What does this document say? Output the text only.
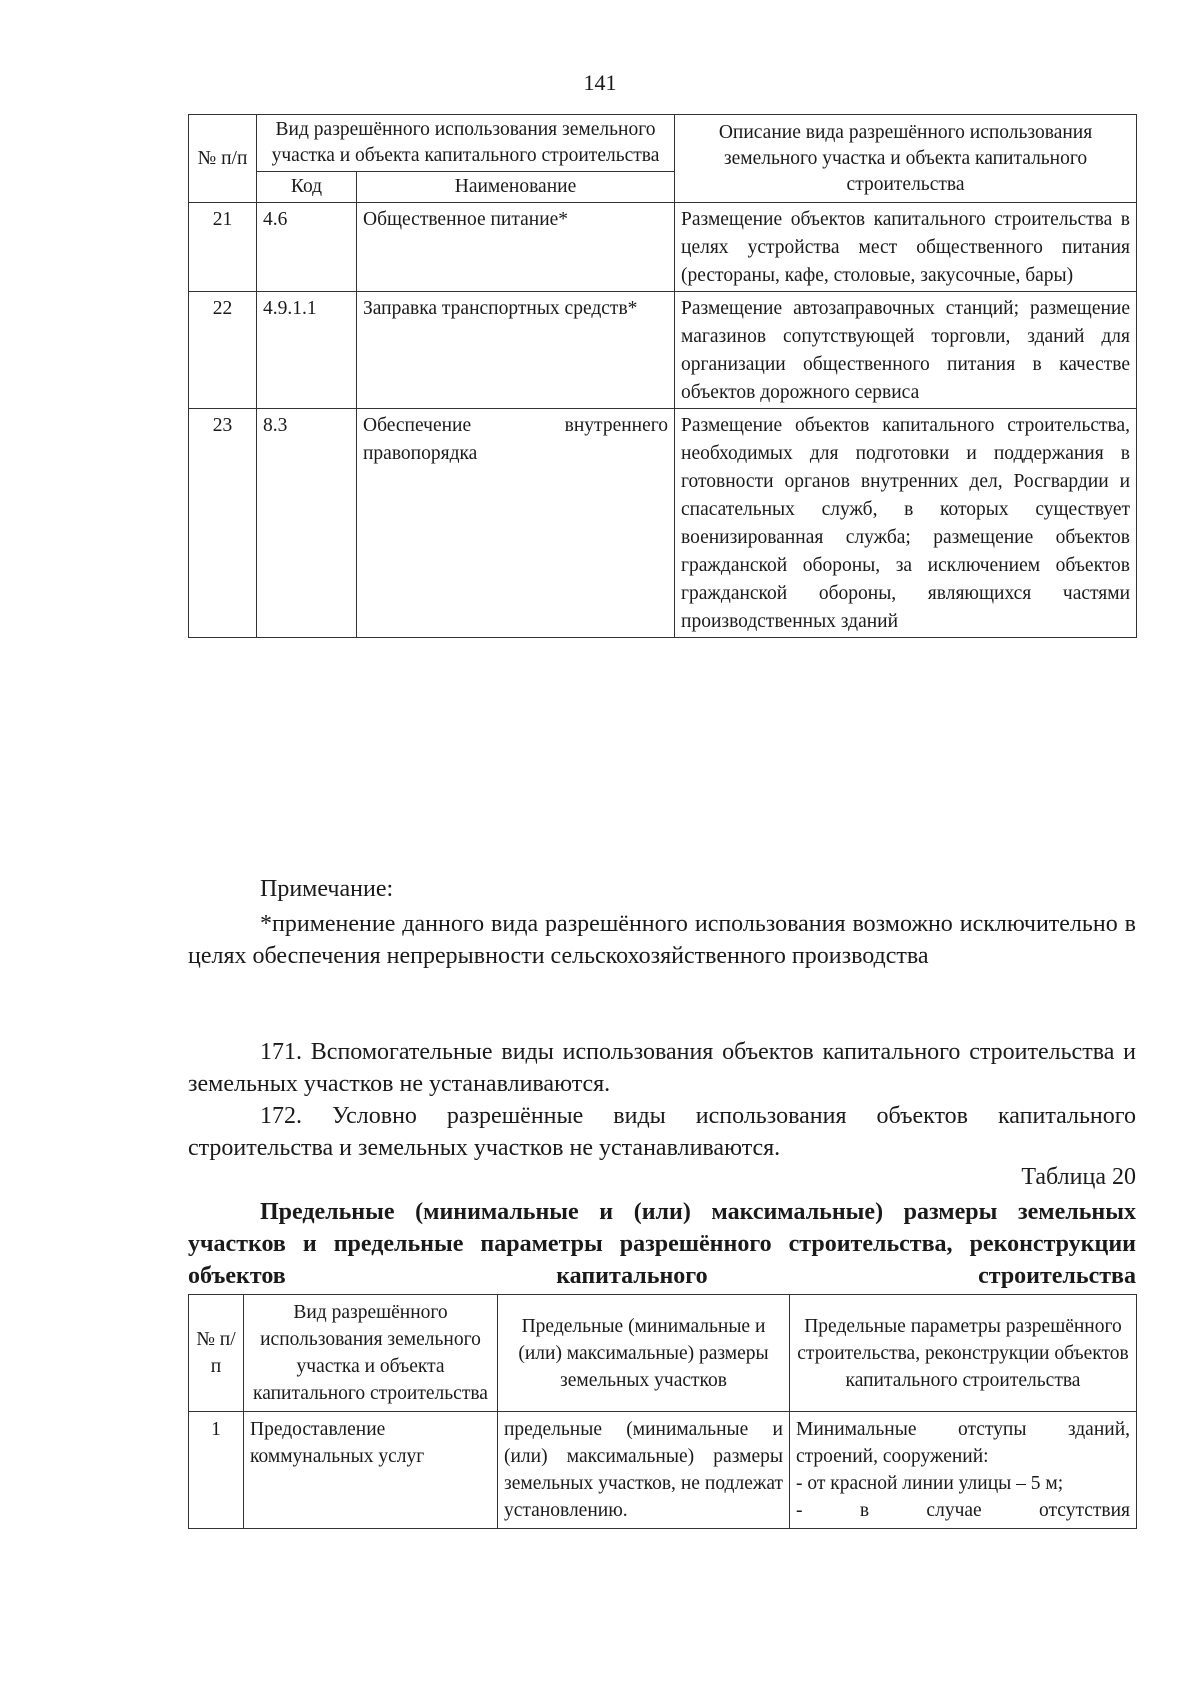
141
№ п/п	Вид разрешённого использования земельного участка и объекта капитального строительства		Описание вида разрешённого использования земельного участка и объекта капитального строительства
	Код	Наименование	
21	4.6	Общественное питание*	Размещение объектов капитального строительства в целях устройства мест общественного питания (рестораны, кафе, столовые, закусочные, бары)
22	4.9.1.1	Заправка транспортных средств*	Размещение автозаправочных станций; размещение магазинов сопутствующей торговли, зданий для организации общественного питания в качестве объектов дорожного сервиса
23	8.3	Обеспечение внутреннего правопорядка	Размещение объектов капитального строительства, необходимых для подготовки и поддержания в готовности органов внутренних дел, Росгвардии и спасательных служб, в которых существует военизированная служба; размещение объектов гражданской обороны, за исключением объектов гражданской обороны, являющихся частями производственных зданий
Примечание:

*применение данного вида разрешённого использования возможно исключительно в целях обеспечения непрерывности сельскохозяйственного производства

171. Вспомогательные виды использования объектов капитального строительства и земельных участков не устанавливаются.

172. Условно разрешённые виды использования объектов капитального строительства и земельных участков не устанавливаются.

Таблица 20

Предельные (минимальные и (или) максимальные) размеры земельных участков и предельные параметры разрешённого строительства, реконструкции объектов капитального строительства

№ п/п	Вид разрешённого использования земельного участка и объекта капитального строительства	Предельные (минимальные и (или) максимальные) размеры земельных участков	Предельные параметры разрешённого строительства, реконструкции объектов капитального строительства
1	Предоставление коммунальных услуг	предельные (минимальные и (или) максимальные) размеры земельных участков, не подлежат установлению.	Минимальные отступы зданий, строений, сооружений:
- от красной линии улицы – 5 м;
- в случае отсутствия
